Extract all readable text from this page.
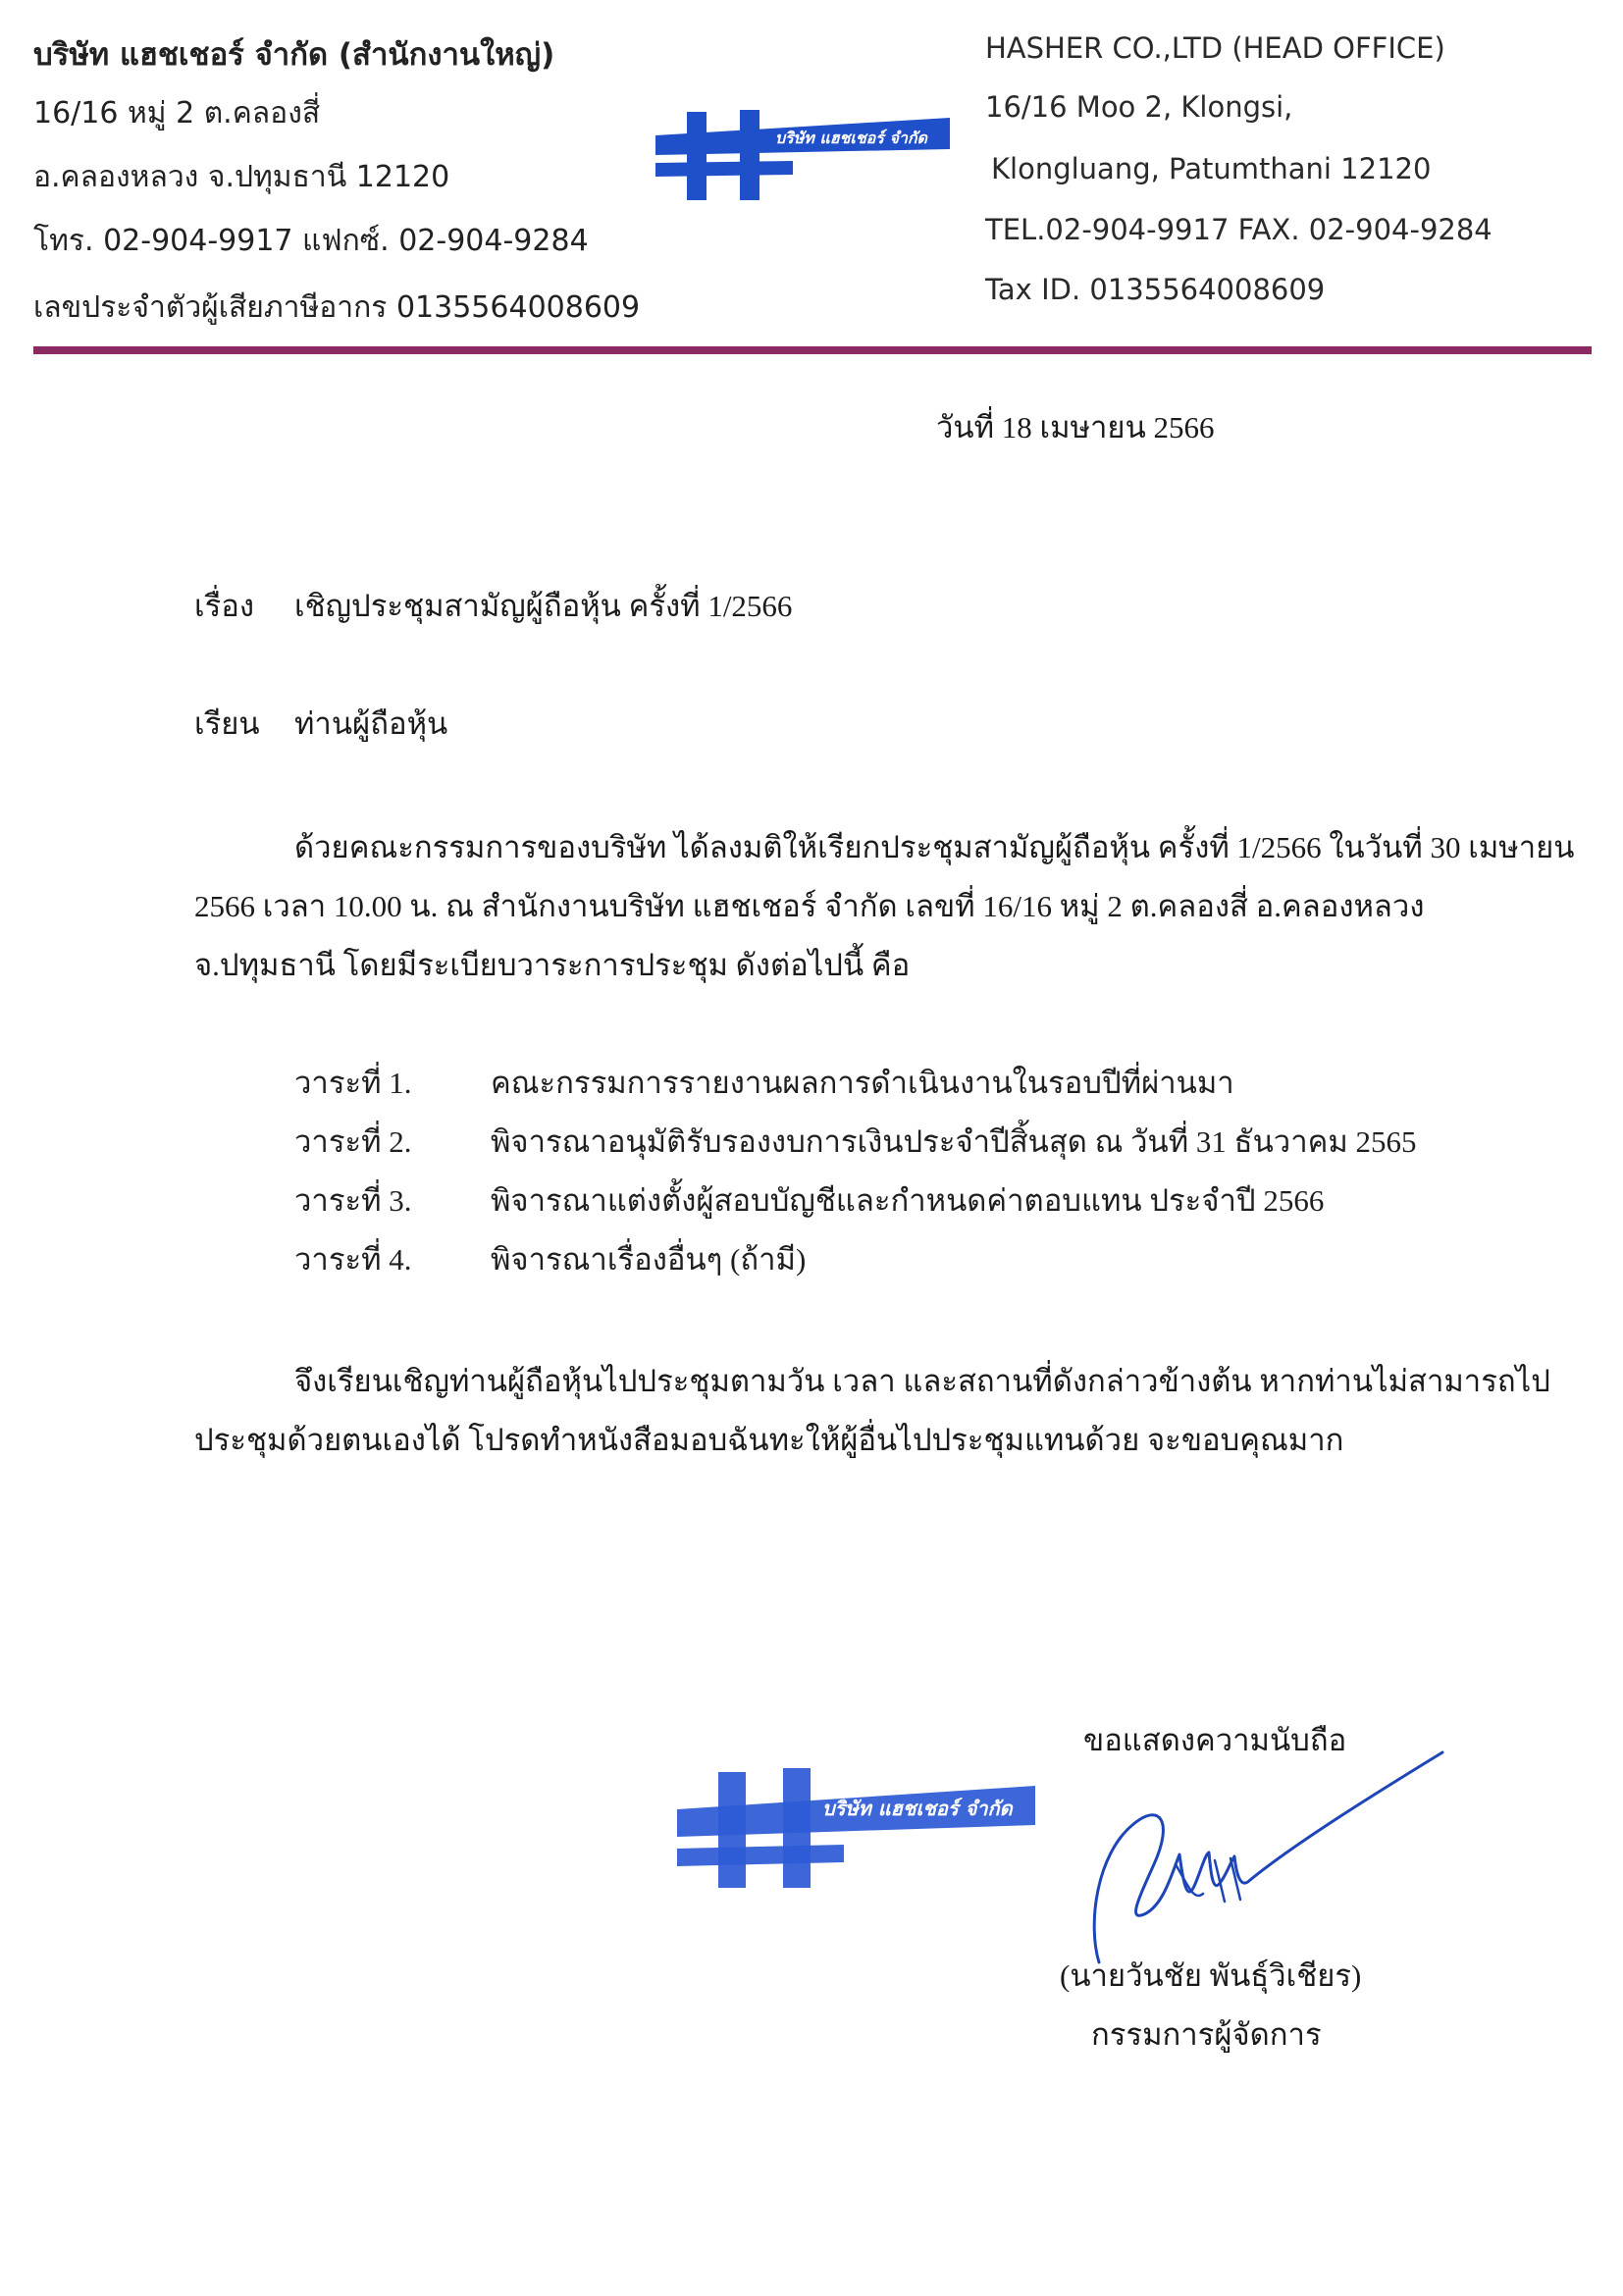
บริษัท แฮชเชอร์ จำกัด (สำนักงานใหญ่)
16/16 หมู่ 2 ต.คลองสี่
อ.คลองหลวง จ.ปทุมธานี 12120
โทร. 02-904-9917 แฟกซ์. 02-904-9284
เลขประจำตัวผู้เสียภาษีอากร 0135564008609
บริษัท แฮชเชอร์ จำกัด
HASHER CO.,LTD (HEAD OFFICE)
16/16 Moo 2, Klongsi,
Klongluang, Patumthani 12120
TEL.02-904-9917 FAX. 02-904-9284
Tax ID. 0135564008609
วันที่ 18 เมษายน 2566
เรื่อง เชิญประชุมสามัญผู้ถือหุ้น ครั้งที่ 1/2566
เรียน ท่านผู้ถือหุ้น
ด้วยคณะกรรมการของบริษัท ได้ลงมติให้เรียกประชุมสามัญผู้ถือหุ้น ครั้งที่ 1/2566 ในวันที่ 30 เมษายน
2566 เวลา 10.00 น. ณ สำนักงานบริษัท แฮชเชอร์ จำกัด เลขที่ 16/16 หมู่ 2 ต.คลองสี่ อ.คลองหลวง
จ.ปทุมธานี โดยมีระเบียบวาระการประชุม ดังต่อไปนี้ คือ
วาระที่ 1.	คณะกรรมการรายงานผลการดำเนินงานในรอบปีที่ผ่านมา
วาระที่ 2.	พิจารณาอนุมัติรับรองงบการเงินประจำปีสิ้นสุด ณ วันที่ 31 ธันวาคม 2565
วาระที่ 3.	พิจารณาแต่งตั้งผู้สอบบัญชีและกำหนดค่าตอบแทน ประจำปี 2566
วาระที่ 4.	พิจารณาเรื่องอื่นๆ (ถ้ามี)
จึงเรียนเชิญท่านผู้ถือหุ้นไปประชุมตามวัน เวลา และสถานที่ดังกล่าวข้างต้น หากท่านไม่สามารถไป
ประชุมด้วยตนเองได้ โปรดทำหนังสือมอบฉันทะให้ผู้อื่นไปประชุมแทนด้วย จะขอบคุณมาก
ขอแสดงความนับถือ
บริษัท แฮชเชอร์ จำกัด
(นายวันชัย พันธุ์วิเชียร)
กรรมการผู้จัดการ
